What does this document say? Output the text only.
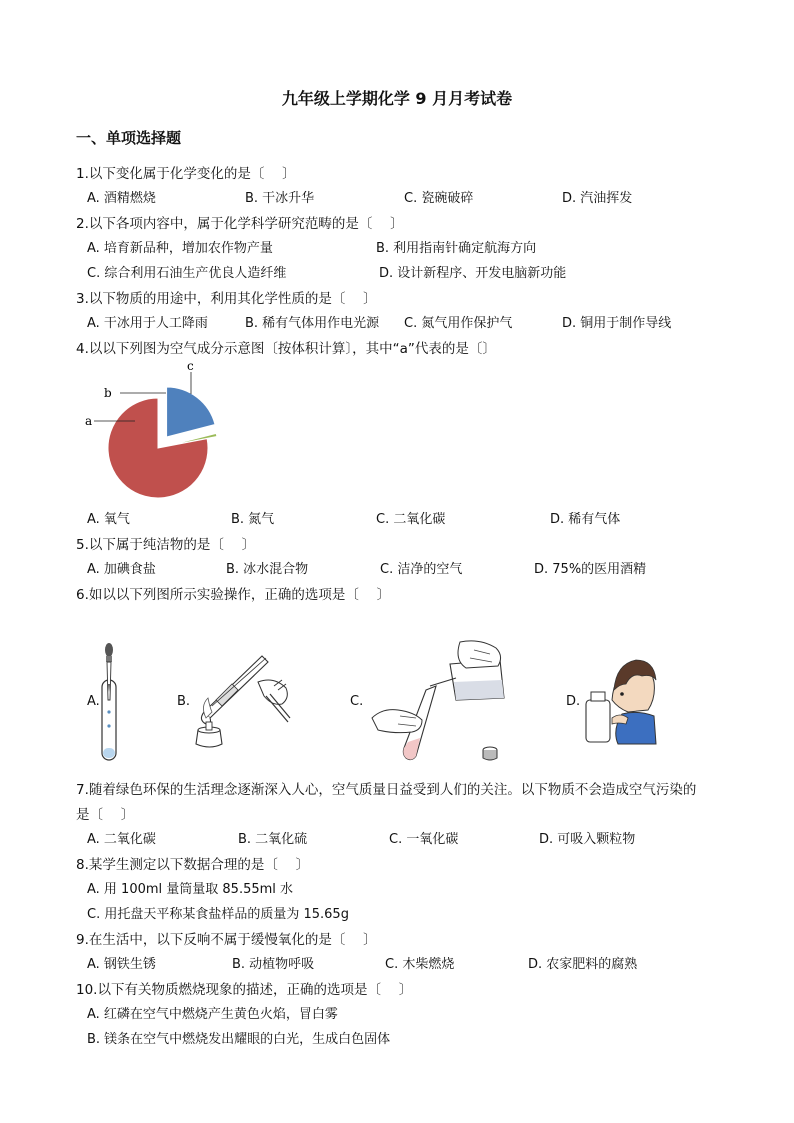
九年级上学期化学 9 月月考试卷
一、单项选择题
1.以下变化属于化学变化的是〔　 〕
A. 酒精燃烧	B. 干冰升华	C. 瓷碗破碎	D. 汽油挥发
2.以下各项内容中，属于化学科学研究范畴的是〔　 〕
A. 培育新品种，增加农作物产量	B. 利用指南针确定航海方向
C. 综合利用石油生产优良人造纤维	D. 设计新程序、开发电脑新功能
3.以下物质的用途中，利用其化学性质的是〔　 〕
A. 干冰用于人工降雨	B. 稀有气体用作电光源 C. 氮气用作保护气	D. 铜用于制作导线
4.以以下列图为空气成分示意图〔按体积计算〕，其中“a”代表的是〔〕
a
b
c
A. 氧气	B. 氮气	C. 二氧化碳	D. 稀有气体
5.以下属于纯洁物的是〔　 〕
A. 加碘食盐	B. 冰水混合物	C. 洁净的空气	D. 75%的医用酒精
6.如以以下列图所示实验操作，正确的选项是〔　 〕
A.	B.	C.	D.
7.随着绿色环保的生活理念逐渐深入人心，空气质量日益受到人们的关注。以下物质不会造成空气污染的
是〔　 〕
A. 二氧化碳	B. 二氧化硫	C. 一氧化碳	D. 可吸入颗粒物
8.某学生测定以下数据合理的是〔　 〕
A. 用 100ml 量筒量取 85.55ml 水
C. 用托盘天平称某食盐样品的质量为 15.65g
9.在生活中，以下反响不属于缓慢氧化的是〔　 〕
A. 钢铁生锈	B. 动植物呼吸	C. 木柴燃烧	D. 农家肥料的腐熟
10.以下有关物质燃烧现象的描述，正确的选项是〔　 〕
A. 红磷在空气中燃烧产生黄色火焰，冒白雾
B. 镁条在空气中燃烧发出耀眼的白光，生成白色固体
